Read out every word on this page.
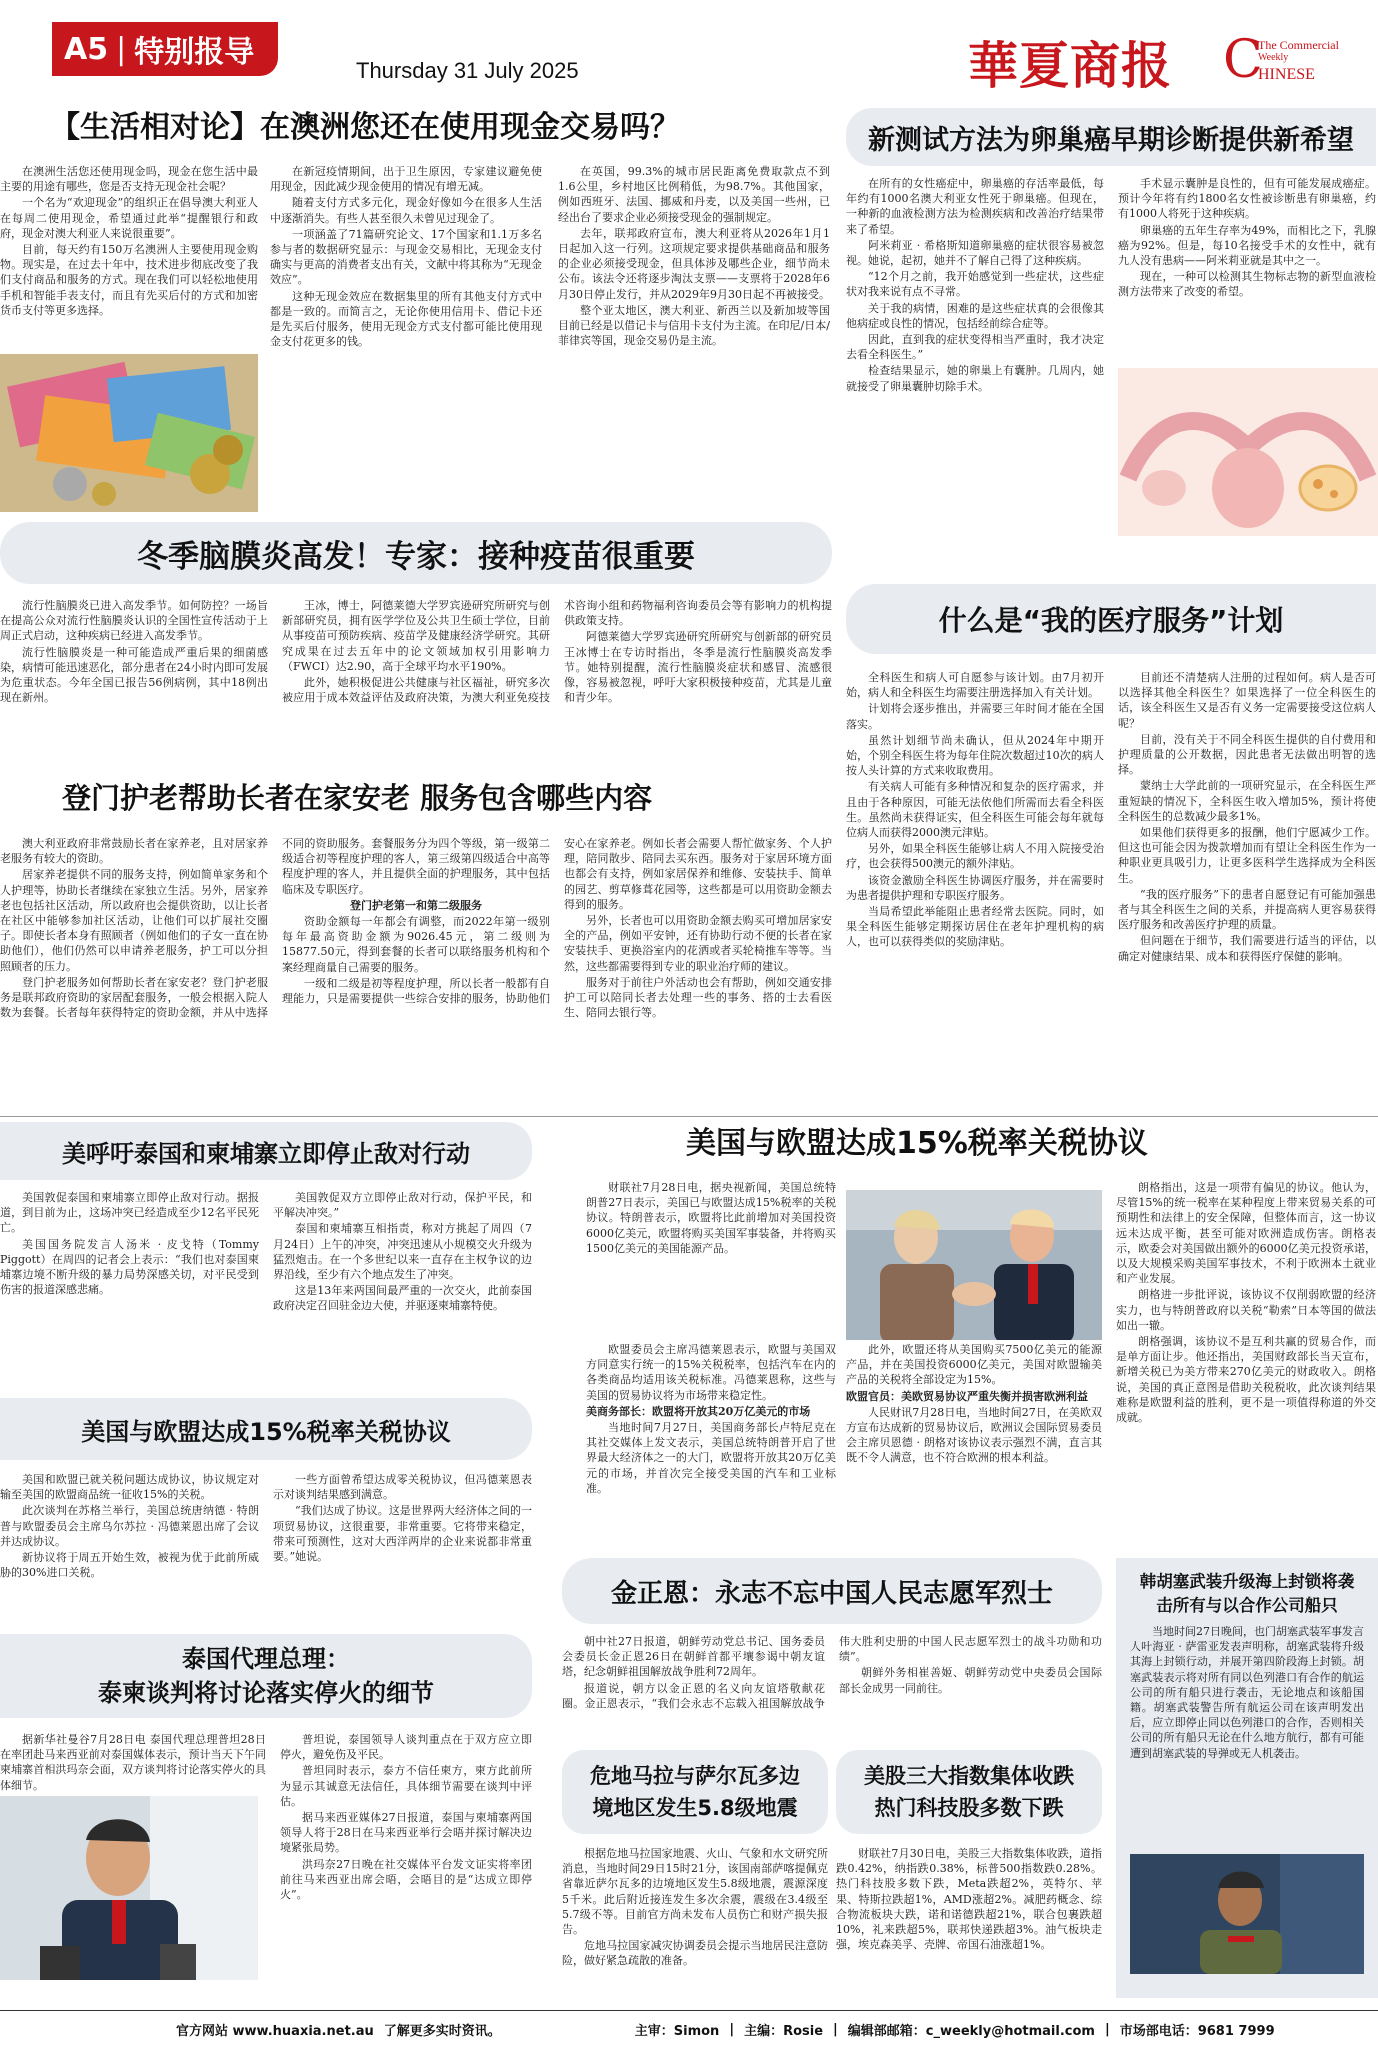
A5 | 特别报导
Thursday 31 July 2025	華夏商报 C
The Commercial
Weekly
HINESE
【生活相对论】在澳洲您还在使用现金交易吗？

在澳洲生活您还使用现金吗，现金在您生活中最主要的用途有哪些，您是否支持无现金社会呢？

一个名为“欢迎现金”的组织正在倡导澳大利亚人在每周二使用现金，希望通过此举“提醒银行和政府，现金对澳大利亚人来说很重要”。

目前，每天约有150万名澳洲人主要使用现金购物。现实是，在过去十年中，技术进步彻底改变了我们支付商品和服务的方式。现在我们可以轻松地使用手机和智能手表支付，而且有先买后付的方式和加密货币支付等更多选择。

在新冠疫情期间，出于卫生原因，专家建议避免使用现金，因此减少现金使用的情况有增无减。

随着支付方式多元化，现金好像如今在很多人生活中逐渐消失。有些人甚至很久未曾见过现金了。

一项涵盖了71篇研究论文、17个国家和1.1万多名参与者的数据研究显示：与现金交易相比，无现金支付确实与更高的消费者支出有关，文献中将其称为“无现金效应”。

这种无现金效应在数据集里的所有其他支付方式中都是一致的。而简言之，无论你使用信用卡、借记卡还是先买后付服务，使用无现金方式支付都可能比使用现金支付花更多的钱。

在英国，99.3%的城市居民距离免费取款点不到1.6公里，乡村地区比例稍低，为98.7%。其他国家，例如西班牙、法国、挪威和丹麦，以及美国一些州，已经出台了要求企业必须接受现金的强制规定。

去年，联邦政府宣布，澳大利亚将从2026年1月1日起加入这一行列。这项规定要求提供基础商品和服务的企业必须接受现金，但具体涉及哪些企业，细节尚未公布。该法令还将逐步淘汰支票——支票将于2028年6月30日停止发行，并从2029年9月30日起不再被接受。

整个亚太地区，澳大利亚、新西兰以及新加坡等国目前已经是以借记卡与信用卡支付为主流。在印尼/日本/菲律宾等国，现金交易仍是主流。

新测试方法为卵巢癌早期诊断提供新希望

在所有的女性癌症中，卵巢癌的存活率最低，每年约有1000名澳大利亚女性死于卵巢癌。但现在，一种新的血液检测方法为检测疾病和改善治疗结果带来了希望。

阿米莉亚 · 希格斯知道卵巢癌的症状很容易被忽视。她说，起初，她并不了解自己得了这种疾病。

“12个月之前，我开始感觉到一些症状，这些症状对我来说有点不寻常。

关于我的病情，困难的是这些症状真的会很像其他病症或良性的情况，包括经前综合症等。

因此，直到我的症状变得相当严重时，我才决定去看全科医生。”

检查结果显示，她的卵巢上有囊肿。几周内，她就接受了卵巢囊肿切除手术。

手术显示囊肿是良性的，但有可能发展成癌症。预计今年将有约1800名女性被诊断患有卵巢癌，约有1000人将死于这种疾病。

卵巢癌的五年生存率为49%，而相比之下，乳腺癌为92%。但是，每10名接受手术的女性中，就有九人没有患病——阿米莉亚就是其中之一。

现在，一种可以检测其生物标志物的新型血液检测方法带来了改变的希望。

冬季脑膜炎高发！专家：接种疫苗很重要

流行性脑膜炎已进入高发季节。如何防控？一场旨在提高公众对流行性脑膜炎认识的全国性宣传活动于上周正式启动，这种疾病已经进入高发季节。

流行性脑膜炎是一种可能造成严重后果的细菌感染，病情可能迅速恶化，部分患者在24小时内即可发展为危重状态。今年全国已报告56例病例，其中18例出现在新州。

王冰，博士，阿德莱德大学罗宾逊研究所研究与创新部研究员，拥有医学学位及公共卫生硕士学位，目前从事疫苗可预防疾病、疫苗学及健康经济学研究。其研究成果在过去五年中的论文领域加权引用影响力（FWCI）达2.90，高于全球平均水平190%。

此外，她积极促进公共健康与社区福祉，研究多次被应用于成本效益评估及政府决策，为澳大利亚免疫技术咨询小组和药物福利咨询委员会等有影响力的机构提供政策支持。

阿德莱德大学罗宾逊研究所研究与创新部的研究员王冰博士在专访时指出，冬季是流行性脑膜炎高发季节。她特别提醒，流行性脑膜炎症状和感冒、流感很像，容易被忽视，呼吁大家积极接种疫苗，尤其是儿童和青少年。

什么是“我的医疗服务”计划

全科医生和病人可自愿参与该计划。由7月初开始，病人和全科医生均需要注册选择加入有关计划。

计划将会逐步推出，并需要三年时间才能在全国落实。

虽然计划细节尚未确认，但从2024年中期开始，个别全科医生将为每年住院次数超过10次的病人按人头计算的方式来收取费用。

有关病人可能有多种情况和复杂的医疗需求，并且由于各种原因，可能无法依他们所需而去看全科医生。虽然尚未获得证实，但全科医生可能会每年就每位病人而获得2000澳元津贴。

另外，如果全科医生能够让病人不用入院接受治疗，也会获得500澳元的额外津贴。

该资金激励全科医生协调医疗服务，并在需要时为患者提供护理和专职医疗服务。

当局希望此举能阻止患者经常去医院。同时，如果全科医生能够定期探访居住在老年护理机构的病人，也可以获得类似的奖励津贴。

目前还不清楚病人注册的过程如何。病人是否可以选择其他全科医生？如果选择了一位全科医生的话，该全科医生又是否有义务一定需要接受这位病人呢？

目前，没有关于不同全科医生提供的自付费用和护理质量的公开数据，因此患者无法做出明智的选择。

蒙纳士大学此前的一项研究显示，在全科医生严重短缺的情况下，全科医生收入增加5%，预计将使全科医生的总数减少最多1%。

如果他们获得更多的报酬，他们宁愿减少工作。但这也可能会因为拨款增加而有望让全科医生作为一种职业更具吸引力，让更多医科学生选择成为全科医生。

“我的医疗服务”下的患者自愿登记有可能加强患者与其全科医生之间的关系，并提高病人更容易获得医疗服务和改善医疗护理的质量。

但问题在于细节，我们需要进行适当的评估，以确定对健康结果、成本和获得医疗保健的影响。

登门护老帮助长者在家安老 服务包含哪些内容

澳大利亚政府非常鼓励长者在家养老，且对居家养老服务有较大的资助。

居家养老提供不同的服务支持，例如简单家务和个人护理等，协助长者继续在家独立生活。另外，居家养老也包括社区活动，所以政府也会提供资助，以让长者在社区中能够参加社区活动，让他们可以扩展社交圈子。即使长者本身有照顾者（例如他们的子女一直在协助他们），他们仍然可以申请养老服务，护工可以分担照顾者的压力。

登门护老服务如何帮助长者在家安老？登门护老服务是联邦政府资助的家居配套服务，一般会根据入院人数为套餐。长者每年获得特定的资助金额，并从中选择不同的资助服务。套餐服务分为四个等级，第一级第二级适合初等程度护理的客人，第三级第四级适合中高等程度护理的客人，并且提供全面的护理服务，其中包括临床及专职医疗。

登门护老第一和第二级服务

资助金额每一年都会有调整，而2022年第一级别每年最高资助金额为9026.45元，第二级则为15877.50元，得到套餐的长者可以联络服务机构和个案经理商量自己需要的服务。

一级和二级是初等程度护理，所以长者一般都有自理能力，只是需要提供一些综合安排的服务，协助他们安心在家养老。例如长者会需要人帮忙做家务、个人护理，陪同散步、陪同去买东西。服务对于家居环境方面也都会有支持，例如家居保养和维修、安装扶手、简单的园艺、剪草修葺花园等，这些都是可以用资助金额去得到的服务。

另外，长者也可以用资助金额去购买可增加居家安全的产品，例如平安钟，还有协助行动不便的长者在家安装扶手、更换浴室内的花洒或者买轮椅推车等等。当然，这些都需要得到专业的职业治疗师的建议。

服务对于前往户外活动也会有帮助，例如交通安排护工可以陪同长者去处理一些的事务、搭的士去看医生、陪同去银行等。

美呼吁泰国和柬埔寨立即停止敌对行动

美国敦促泰国和柬埔寨立即停止敌对行动。据报道，到目前为止，这场冲突已经造成至少12名平民死亡。

美国国务院发言人汤米 · 皮戈特（Tommy Piggott）在周四的记者会上表示：“我们也对泰国柬埔寨边境不断升级的暴力局势深感关切，对平民受到伤害的报道深感悲痛。

美国敦促双方立即停止敌对行动，保护平民，和平解决冲突。”

泰国和柬埔寨互相指责，称对方挑起了周四（7月24日）上午的冲突，冲突迅速从小规模交火升级为猛烈炮击。在一个多世纪以来一直存在主权争议的边界沿线，至少有六个地点发生了冲突。

这是13年来两国间最严重的一次交火，此前泰国政府决定召回驻金边大使，并驱逐柬埔寨特使。

美国与欧盟达成15%税率关税协议

财联社7月28日电，据央视新闻，美国总统特朗普27日表示，美国已与欧盟达成15%税率的关税协议。特朗普表示，欧盟将比此前增加对美国投资6000亿美元，欧盟将购买美国军事装备，并将购买1500亿美元的美国能源产品。

欧盟委员会主席冯德莱恩表示，欧盟与美国双方同意实行统一的15%关税税率，包括汽车在内的各类商品均适用该关税标准。冯德莱恩称，这些与美国的贸易协议将为市场带来稳定性。

美商务部长：欧盟将开放其20万亿美元的市场

当地时间7月27日，美国商务部长卢特尼克在其社交媒体上发文表示，美国总统特朗普开启了世界最大经济体之一的大门，欧盟将开放其20万亿美元的市场，并首次完全接受美国的汽车和工业标准。

此外，欧盟还将从美国购买7500亿美元的能源产品，并在美国投资6000亿美元，美国对欧盟输美产品的关税将全部设定为15%。

欧盟官员：美欧贸易协议严重失衡并损害欧洲利益

人民财讯7月28日电，当地时间27日，在美欧双方宣布达成新的贸易协议后，欧洲议会国际贸易委员会主席贝恩德 · 朗格对该协议表示强烈不满，直言其既不令人满意，也不符合欧洲的根本利益。

朗格指出，这是一项带有偏见的协议。他认为，尽管15%的统一税率在某种程度上带来贸易关系的可预期性和法律上的安全保障，但整体而言，这一协议远未达成平衡，甚至可能对欧洲造成伤害。朗格表示，欧委会对美国做出额外的6000亿美元投资承诺，以及大规模采购美国军事技术，不利于欧洲本土就业和产业发展。

朗格进一步批评说，该协议不仅削弱欧盟的经济实力，也与特朗普政府以关税“勒索”日本等国的做法如出一辙。

朗格强调，该协议不是互利共赢的贸易合作，而是单方面让步。他还指出，美国财政部长当天宣布，新增关税已为美方带来270亿美元的财政收入。朗格说，美国的真正意图是借助关税税收，此次谈判结果难称是欧盟利益的胜利，更不是一项值得称道的外交成就。

美国与欧盟达成15%税率关税协议

美国和欧盟已就关税问题达成协议，协议规定对输至美国的欧盟商品统一征收15%的关税。

此次谈判在苏格兰举行，美国总统唐纳德 · 特朗普与欧盟委员会主席乌尔苏拉 · 冯德莱恩出席了会议并达成协议。

新协议将于周五开始生效，被视为优于此前所威胁的30%进口关税。

一些方面曾希望达成零关税协议，但冯德莱恩表示对谈判结果感到满意。

“我们达成了协议。这是世界两大经济体之间的一项贸易协议，这很重要，非常重要。它将带来稳定，带来可预测性，这对大西洋两岸的企业来说都非常重要。”她说。

泰国代理总理：
泰柬谈判将讨论落实停火的细节

据新华社曼谷7月28日电 泰国代理总理普坦28日在率团赴马来西亚前对泰国媒体表示，预计当天下午同柬埔寨首相洪玛奈会面，双方谈判将讨论落实停火的具体细节。

普坦说，泰国领导人谈判重点在于双方应立即停火，避免伤及平民。

普坦同时表示，泰方不信任柬方，柬方此前所为显示其诚意无法信任，具体细节需要在谈判中评估。

据马来西亚媒体27日报道，泰国与柬埔寨两国领导人将于28日在马来西亚举行会晤并探讨解决边境紧张局势。

洪玛奈27日晚在社交媒体平台发文证实将率团前往马来西亚出席会晤，会晤目的是“达成立即停火”。

金正恩：永志不忘中国人民志愿军烈士

朝中社27日报道，朝鲜劳动党总书记、国务委员会委员长金正恩26日在朝鲜首都平壤参谒中朝友谊塔，纪念朝鲜祖国解放战争胜利72周年。

报道说，朝方以金正恩的名义向友谊塔敬献花圈。金正恩表示，“我们会永志不忘载入祖国解放战争伟大胜利史册的中国人民志愿军烈士的战斗功勋和功绩”。

朝鲜外务相崔善姬、朝鲜劳动党中央委员会国际部长金成男一同前往。

危地马拉与萨尔瓦多边
境地区发生5.8级地震

根据危地马拉国家地震、火山、气象和水文研究所消息，当地时间29日15时21分，该国南部萨喀提佩克省靠近萨尔瓦多的边境地区发生5.8级地震，震源深度5千米。此后附近接连发生多次余震，震级在3.4级至5.7级不等。目前官方尚未发布人员伤亡和财产损失报告。

危地马拉国家减灾协调委员会提示当地居民注意防险，做好紧急疏散的准备。

美股三大指数集体收跌
热门科技股多数下跌

财联社7月30日电，美股三大指数集体收跌，道指跌0.42%，纳指跌0.38%，标普500指数跌0.28%。热门科技股多数下跌，Meta跌超2%，英特尔、苹果、特斯拉跌超1%，AMD涨超2%。减肥药概念、综合物流板块大跌，诺和诺德跌超21%，联合包裹跌超10%，礼来跌超5%，联邦快递跌超3%。油气板块走强，埃克森美孚、壳牌、帝国石油涨超1%。

韩胡塞武装升级海上封锁将袭击所有与以合作公司船只

当地时间27日晚间，也门胡塞武装军事发言人叶海亚 · 萨雷亚发表声明称，胡塞武装将升级其海上封锁行动，并展开第四阶段海上封锁。胡塞武装表示将对所有同以色列港口有合作的航运公司的所有船只进行袭击，无论地点和该船国籍。胡塞武装警告所有航运公司在该声明发出后，应立即停止同以色列港口的合作，否则相关公司的所有船只无论在什么地方航行，都有可能遭到胡塞武装的导弹或无人机袭击。

官方网站 www.huaxia.net.au 了解更多实时资讯。	主审：Simon | 主编：Rosie | 编辑部邮箱：c_weekly@hotmail.com | 市场部电话：9681 7999
